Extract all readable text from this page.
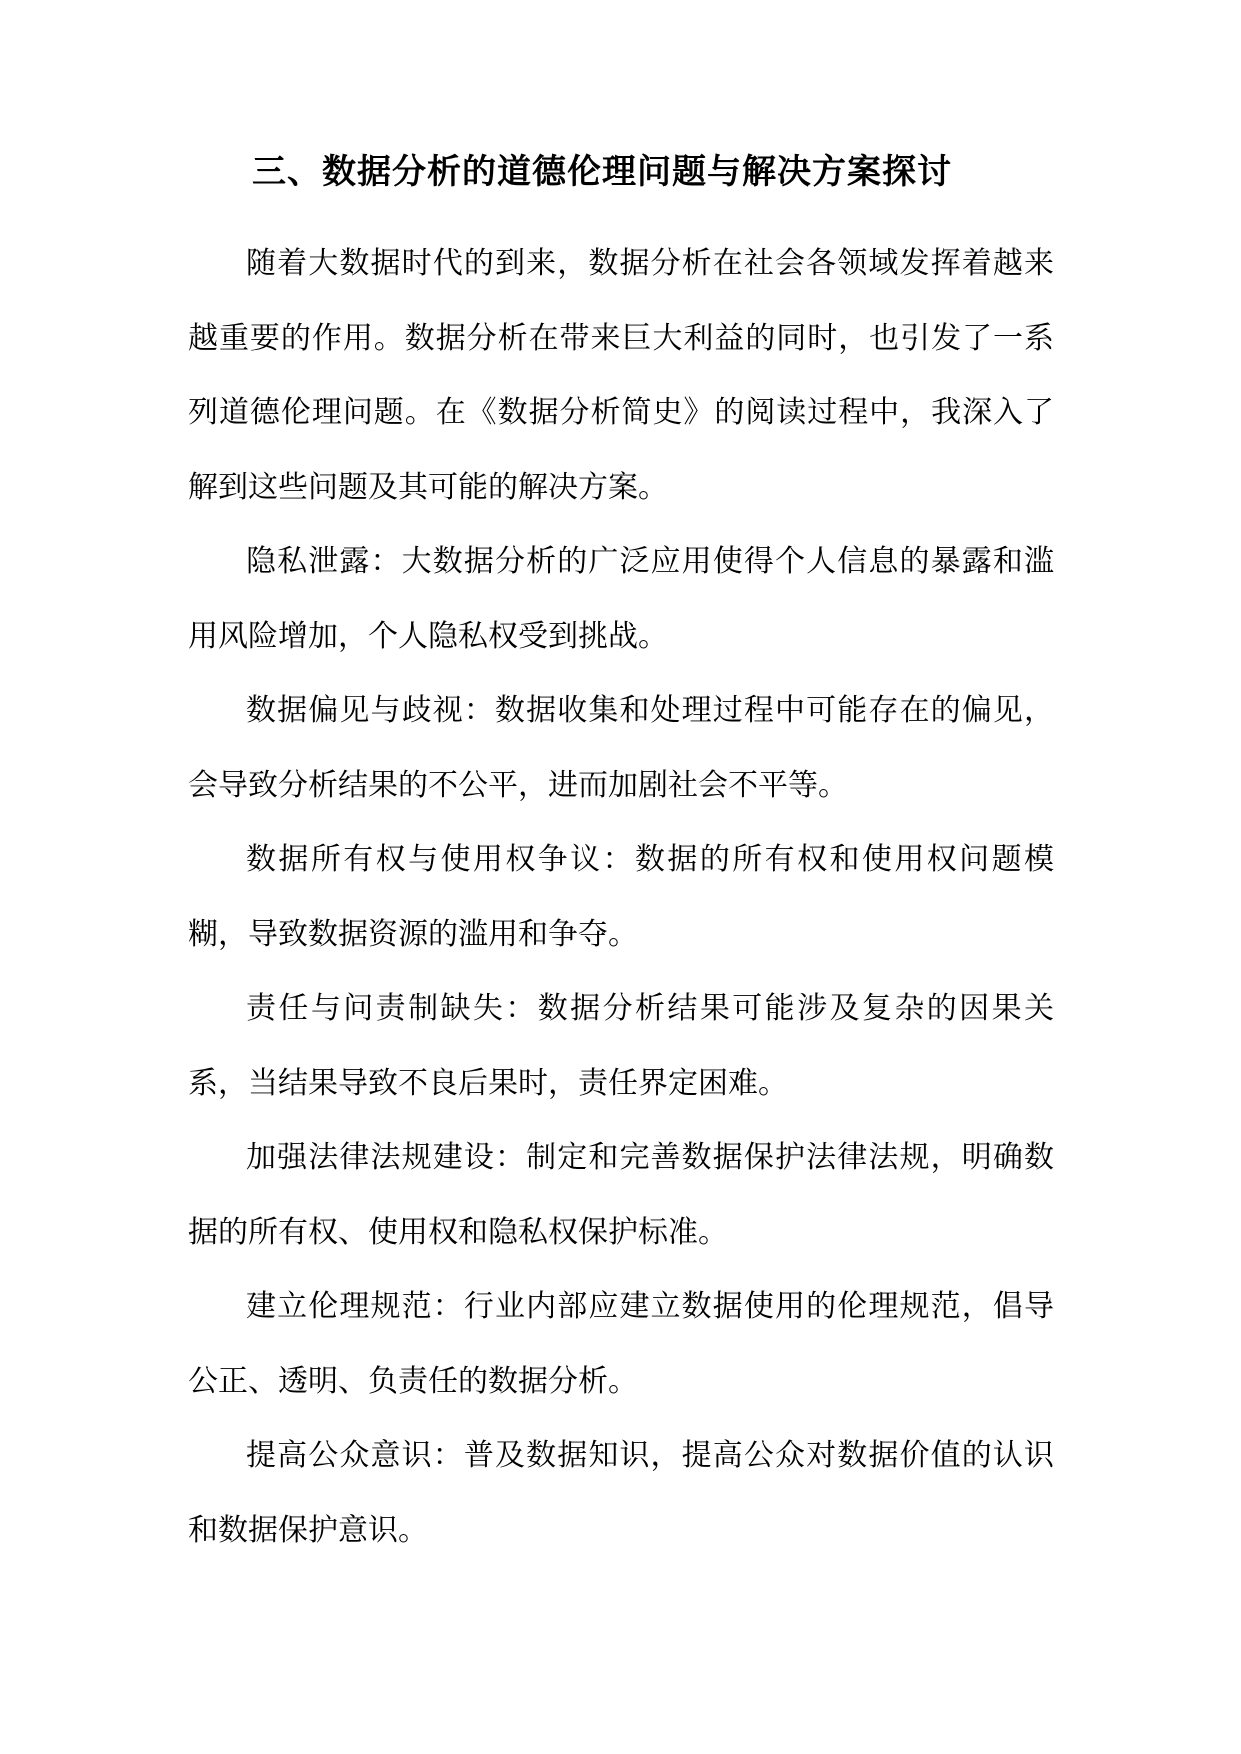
三、数据分析的道德伦理问题与解决方案探讨

随着大数据时代的到来，数据分析在社会各领域发挥着越来越重要的作用。数据分析在带来巨大利益的同时，也引发了一系列道德伦理问题。在《数据分析简史》的阅读过程中，我深入了解到这些问题及其可能的解决方案。

隐私泄露：大数据分析的广泛应用使得个人信息的暴露和滥用风险增加，个人隐私权受到挑战。

数据偏见与歧视：数据收集和处理过程中可能存在的偏见，会导致分析结果的不公平，进而加剧社会不平等。

数据所有权与使用权争议：数据的所有权和使用权问题模糊，导致数据资源的滥用和争夺。

责任与问责制缺失：数据分析结果可能涉及复杂的因果关系，当结果导致不良后果时，责任界定困难。

加强法律法规建设：制定和完善数据保护法律法规，明确数据的所有权、使用权和隐私权保护标准。

建立伦理规范：行业内部应建立数据使用的伦理规范，倡导公正、透明、负责任的数据分析。

提高公众意识：普及数据知识，提高公众对数据价值的认识和数据保护意识。
